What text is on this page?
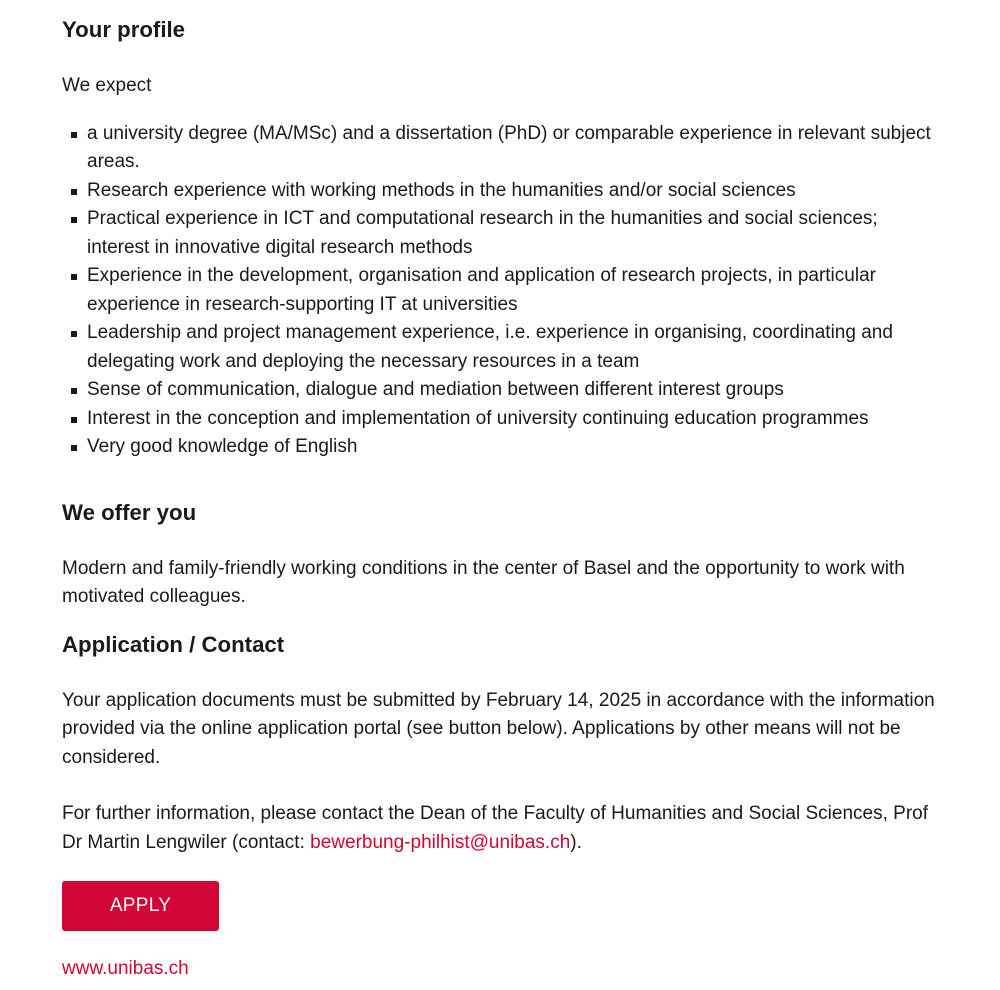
Your profile

We expect

a university degree (MA/MSc) and a dissertation (PhD) or comparable experience in relevant subject areas.
Research experience with working methods in the humanities and/or social sciences
Practical experience in ICT and computational research in the humanities and social sciences; interest in innovative digital research methods
Experience in the development, organisation and application of research projects, in particular experience in research-supporting IT at universities
Leadership and project management experience, i.e. experience in organising, coordinating and delegating work and deploying the necessary resources in a team
Sense of communication, dialogue and mediation between different interest groups
Interest in the conception and implementation of university continuing education programmes
Very good knowledge of English
We offer you

Modern and family-friendly working conditions in the center of Basel and the opportunity to work with motivated colleagues.

Application / Contact

Your application documents must be submitted by February 14, 2025 in accordance with the information provided via the online application portal (see button below). Applications by other means will not be considered.

For further information, please contact the Dean of the Faculty of Humanities and Social Sciences, Prof Dr Martin Lengwiler (contact: bewerbung-philhist@unibas.ch).

APPLY
www.unibas.ch
